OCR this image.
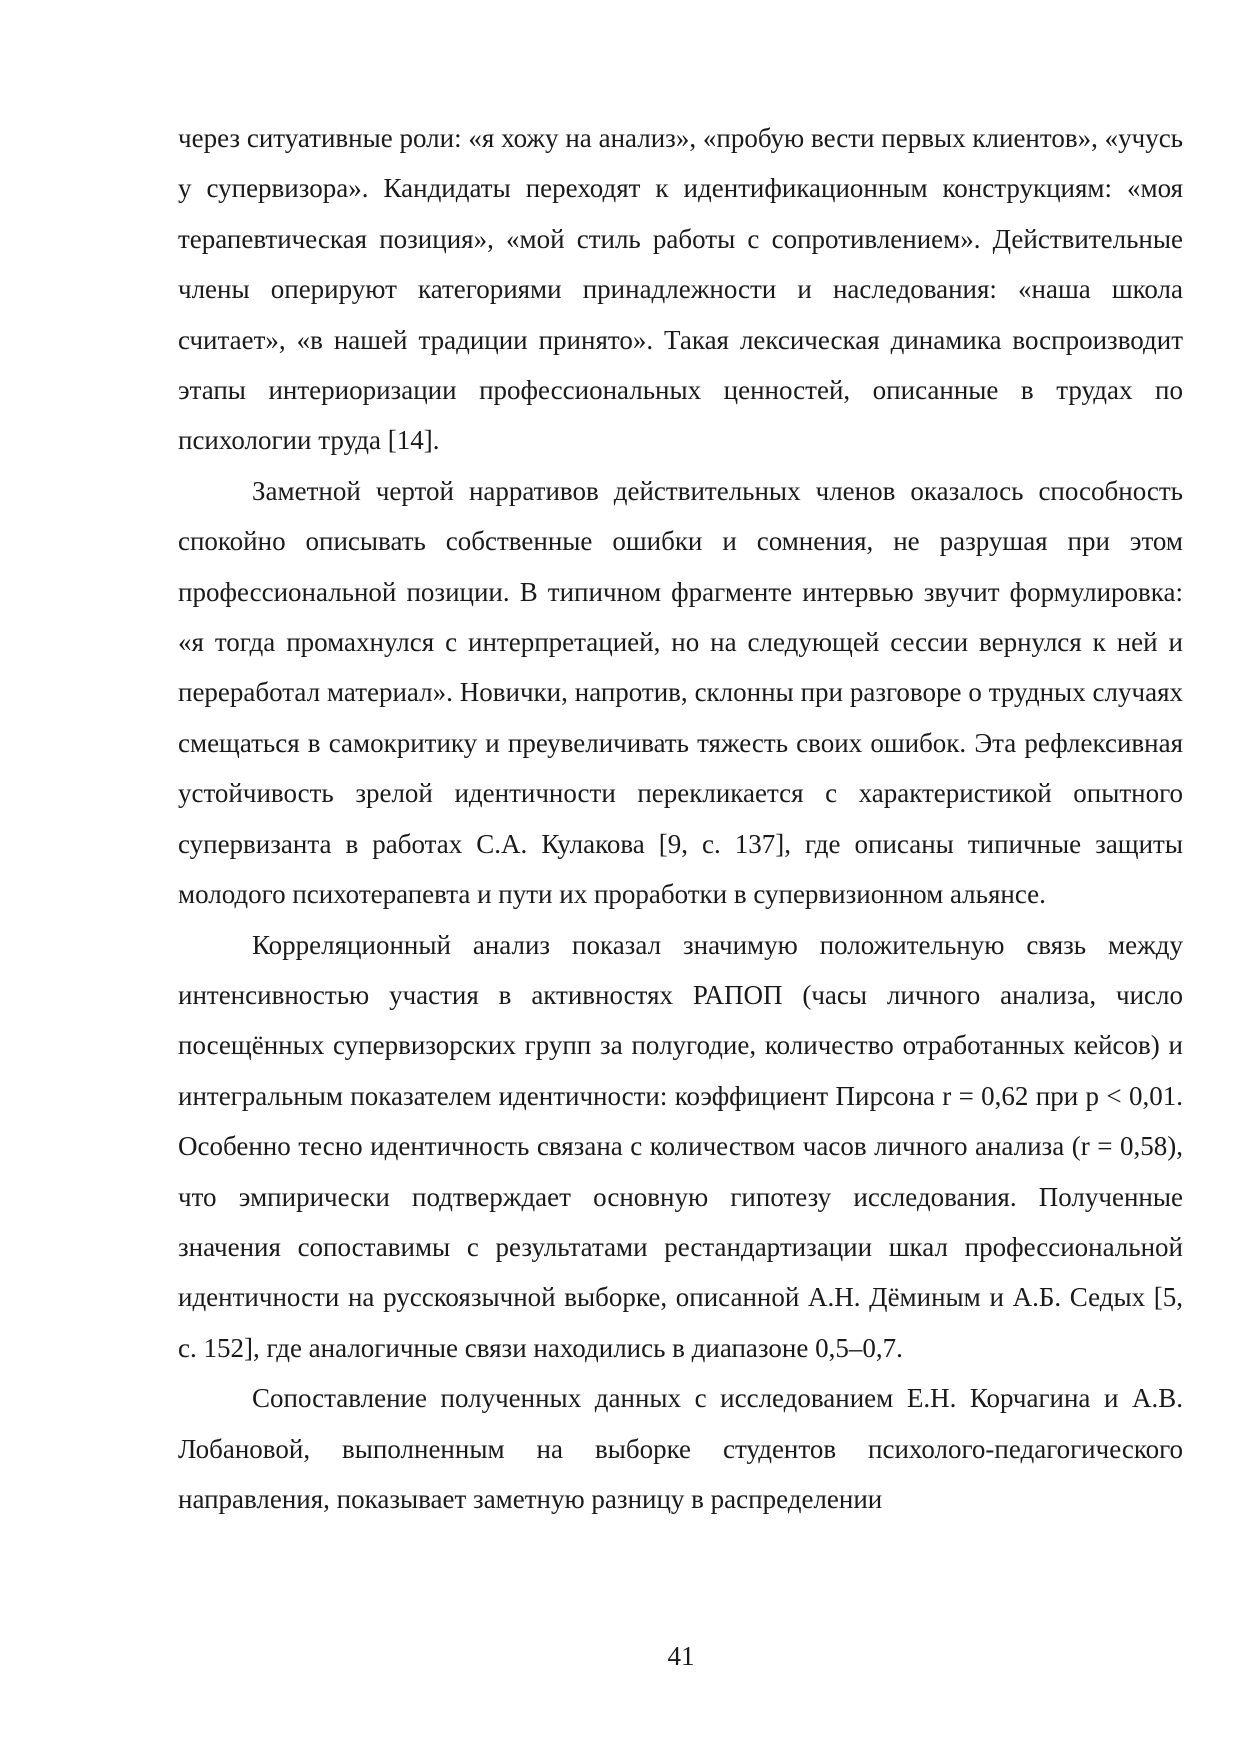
через ситуативные роли: «я хожу на анализ», «пробую вести первых клиентов», «учусь у супервизора». Кандидаты переходят к идентификационным конструкциям: «моя терапевтическая позиция», «мой стиль работы с сопротивлением». Действительные члены оперируют категориями принадлежности и наследования: «наша школа считает», «в нашей традиции принято». Такая лексическая динамика воспроизводит этапы интериоризации профессиональных ценностей, описанные в трудах по психологии труда [14].

Заметной чертой нарративов действительных членов оказалось способность спокойно описывать собственные ошибки и сомнения, не разрушая при этом профессиональной позиции. В типичном фрагменте интервью звучит формулировка: «я тогда промахнулся с интерпретацией, но на следующей сессии вернулся к ней и переработал материал». Новички, напротив, склонны при разговоре о трудных случаях смещаться в самокритику и преувеличивать тяжесть своих ошибок. Эта рефлексивная устойчивость зрелой идентичности перекликается с характеристикой опытного супервизанта в работах С.А. Кулакова [9, с. 137], где описаны типичные защиты молодого психотерапевта и пути их проработки в супервизионном альянсе.

Корреляционный анализ показал значимую положительную связь между интенсивностью участия в активностях РАПОП (часы личного анализа, число посещённых супервизорских групп за полугодие, количество отработанных кейсов) и интегральным показателем идентичности: коэффициент Пирсона r = 0,62 при p < 0,01. Особенно тесно идентичность связана с количеством часов личного анализа (r = 0,58), что эмпирически подтверждает основную гипотезу исследования. Полученные значения сопоставимы с результатами рестандартизации шкал профессиональной идентичности на русскоязычной выборке, описанной А.Н. Дёминым и А.Б. Седых [5, с. 152], где аналогичные связи находились в диапазоне 0,5–0,7.

Сопоставление полученных данных с исследованием Е.Н. Корчагина и А.В. Лобановой, выполненным на выборке студентов психолого-педагогического направления, показывает заметную разницу в распределении

41
